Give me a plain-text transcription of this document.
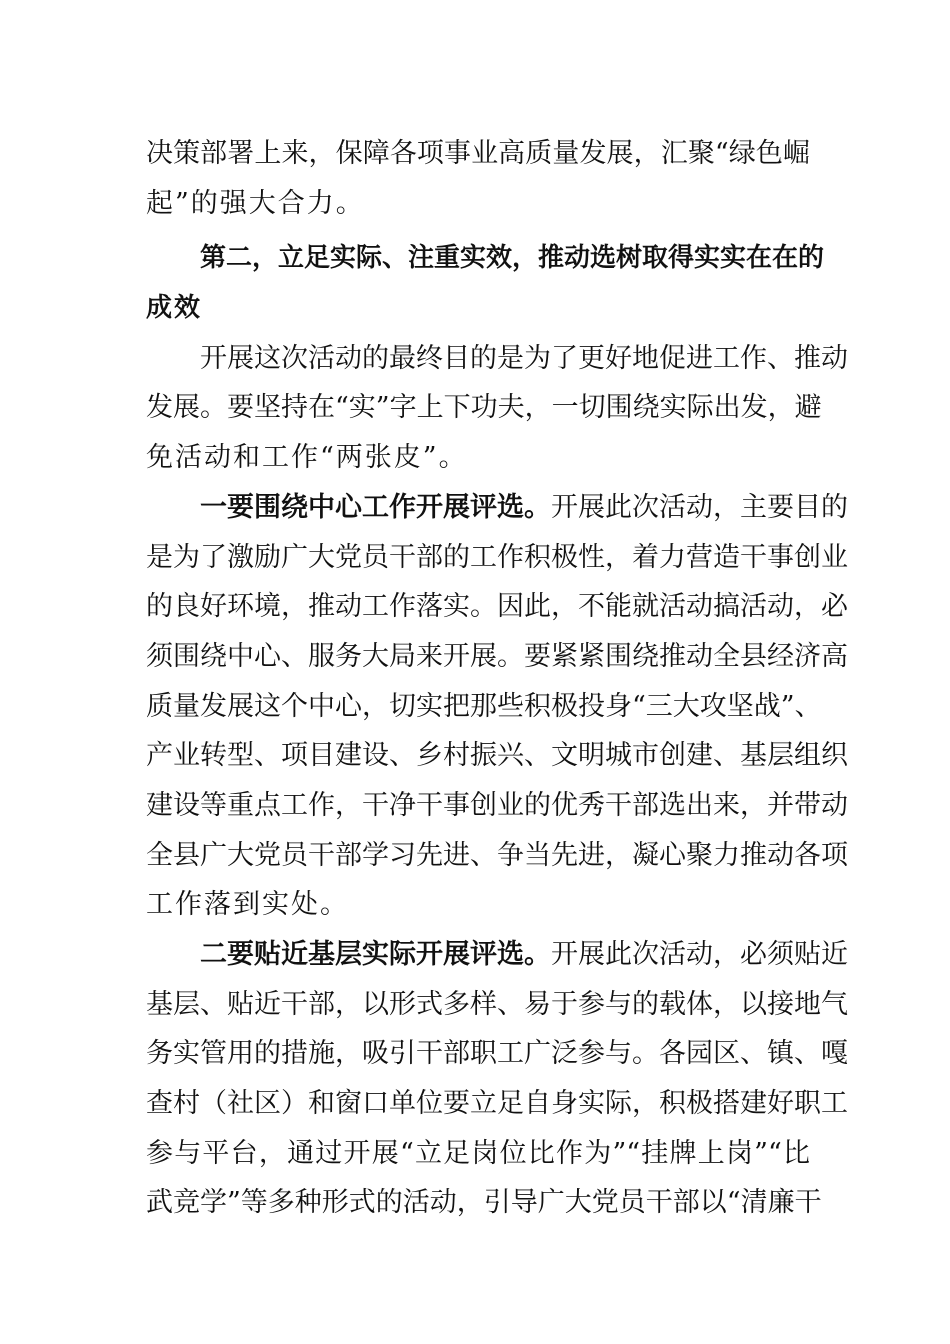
决策部署上来，保障各项事业高质量发展，汇聚“绿色崛
起”的强大合力。
第二，立足实际、注重实效，推动选树取得实实在在的
成效
开展这次活动的最终目的是为了更好地促进工作、推动
发展。要坚持在“实”字上下功夫，一切围绕实际出发，避
免活动和工作“两张皮”。
一要围绕中心工作开展评选。开展此次活动，主要目的
是为了激励广大党员干部的工作积极性，着力营造干事创业
的良好环境，推动工作落实。因此，不能就活动搞活动，必
须围绕中心、服务大局来开展。要紧紧围绕推动全县经济高
质量发展这个中心，切实把那些积极投身“三大攻坚战”、
产业转型、项目建设、乡村振兴、文明城市创建、基层组织
建设等重点工作，干净干事创业的优秀干部选出来，并带动
全县广大党员干部学习先进、争当先进，凝心聚力推动各项
工作落到实处。
二要贴近基层实际开展评选。开展此次活动，必须贴近
基层、贴近干部，以形式多样、易于参与的载体，以接地气
务实管用的措施，吸引干部职工广泛参与。各园区、镇、嘎
查村（社区）和窗口单位要立足自身实际，积极搭建好职工
参与平台，通过开展“立足岗位比作为”“挂牌上岗”“比
武竞学”等多种形式的活动，引导广大党员干部以“清廉干
